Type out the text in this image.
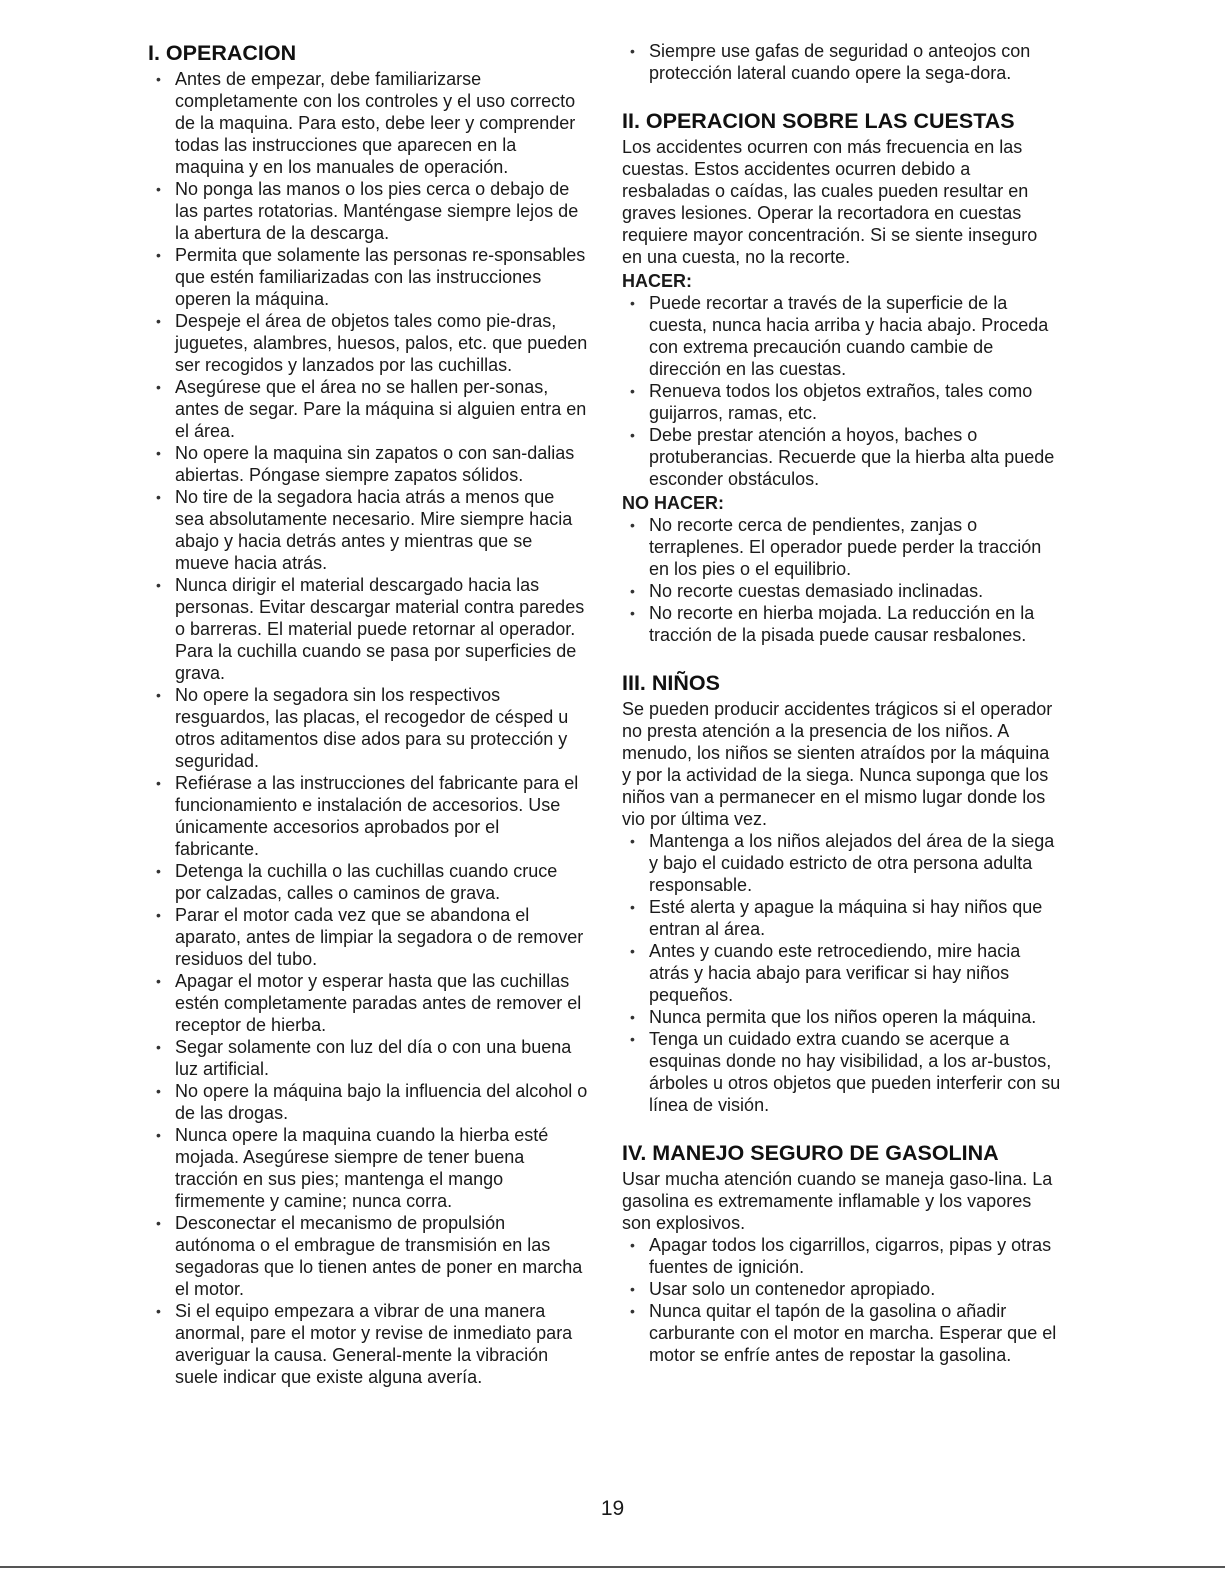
I. OPERACION
• Antes de empezar, debe familiarizarse completamente con los controles y el uso correcto de la maquina. Para esto, debe leer y comprender todas las instrucciones que aparecen en la maquina y en los manuales de operación.
• No ponga las manos o los pies cerca o debajo de las partes rotatorias. Manténgase siempre lejos de la abertura de la descarga.
• Permita que solamente las personas re-sponsables que estén familiarizadas con las instrucciones operen la máquina.
• Despeje el área de objetos tales como pie-dras, juguetes, alambres, huesos, palos, etc. que pueden ser recogidos y lanzados por las cuchillas.
• Asegúrese que el área no se hallen per-sonas, antes de segar. Pare la máquina si alguien entra en el área.
• No opere la maquina sin zapatos o con san-dalias abiertas. Póngase siempre zapatos sólidos.
• No tire de la segadora hacia atrás a menos que sea absolutamente necesario. Mire siempre hacia abajo y hacia detrás antes y mientras que se mueve hacia atrás.
• Nunca dirigir el material descargado hacia las personas. Evitar descargar material contra paredes o barreras. El material puede retornar al operador. Para la cuchilla cuando se pasa por superficies de grava.
• No opere la segadora sin los respectivos resguardos, las placas, el recogedor de césped u otros aditamentos dise ados para su protección y seguridad.
• Refiérase a las instrucciones del fabricante para el funcionamiento e instalación de accesorios. Use únicamente accesorios aprobados por el fabricante.
• Detenga la cuchilla o las cuchillas cuando cruce por calzadas, calles o caminos de grava.
• Parar el motor cada vez que se abandona el aparato, antes de limpiar la segadora o de remover residuos del tubo.
• Apagar el motor y esperar hasta que las cuchillas estén completamente paradas antes de remover el receptor de hierba.
• Segar solamente con luz del día o con una buena luz artificial.
• No opere la máquina bajo la influencia del alcohol o de las drogas.
• Nunca opere la maquina cuando la hierba esté mojada. Asegúrese siempre de tener buena tracción en sus pies; mantenga el mango firmemente y camine; nunca corra.
• Desconectar el mecanismo de propulsión autónoma o el embrague de transmisión en las segadoras que lo tienen antes de poner en marcha el motor.
• Si el equipo empezara a vibrar de una manera anormal, pare el motor y revise de inmediato para averiguar la causa. General-mente la vibración suele indicar que existe alguna avería.
• Siempre use gafas de seguridad o anteojos con protección lateral cuando opere la sega-dora.
II. OPERACION SOBRE LAS CUESTAS

Los accidentes ocurren con más frecuencia en las cuestas. Estos accidentes ocurren debido a resbaladas o caídas, las cuales pueden resultar en graves lesiones. Operar la recortadora en cuestas requiere mayor concentración. Si se siente inseguro en una cuesta, no la recorte.

HACER:
• Puede recortar a través de la superficie de la cuesta, nunca hacia arriba y hacia abajo. Proceda con extrema precaución cuando cambie de dirección en las cuestas.
• Renueva todos los objetos extraños, tales como guijarros, ramas, etc.
• Debe prestar atención a hoyos, baches o protuberancias. Recuerde que la hierba alta puede esconder obstáculos.
NO HACER:
• No recorte cerca de pendientes, zanjas o terraplenes. El operador puede perder la tracción en los pies o el equilibrio.
• No recorte cuestas demasiado inclinadas.
• No recorte en hierba mojada. La reducción en la tracción de la pisada puede causar resbalones.
III. NIÑOS

Se pueden producir accidentes trágicos si el operador no presta atención a la presencia de los niños. A menudo, los niños se sienten atraídos por la máquina y por la actividad de la siega. Nunca suponga que los niños van a permanecer en el mismo lugar donde los vio por última vez.

• Mantenga a los niños alejados del área de la siega y bajo el cuidado estricto de otra persona adulta responsable.
• Esté alerta y apague la máquina si hay niños que entran al área.
• Antes y cuando este retrocediendo, mire hacia atrás y hacia abajo para verificar si hay niños pequeños.
• Nunca permita que los niños operen la máquina.
• Tenga un cuidado extra cuando se acerque a esquinas donde no hay visibilidad, a los ar-bustos, árboles u otros objetos que pueden interferir con su línea de visión.
IV. MANEJO SEGURO DE GASOLINA

Usar mucha atención cuando se maneja gaso-lina. La gasolina es extremamente inflamable y los vapores son explosivos.

• Apagar todos los cigarrillos, cigarros, pipas y otras fuentes de ignición.
• Usar solo un contenedor apropiado.
• Nunca quitar el tapón de la gasolina o añadir carburante con el motor en marcha. Esperar que el motor se enfríe antes de repostar la gasolina.
19
